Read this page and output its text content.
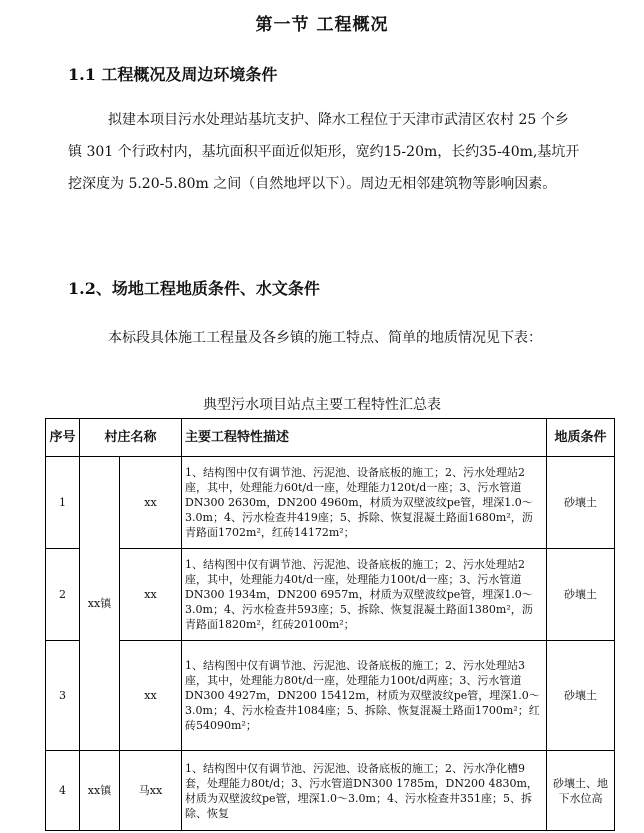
第一节 工程概况
1.1 工程概况及周边环境条件
拟建本项目污水处理站基坑支护、降水工程位于天津市武清区农村 25 个乡镇 301 个行政村内，基坑面积平面近似矩形，宽约15-20m，长约35-40m,基坑开挖深度为 5.20-5.80m 之间（自然地坪以下）。周边无相邻建筑物等影响因素。
1.2、场地工程地质条件、水文条件
本标段具体施工工程量及各乡镇的施工特点、简单的地质情况见下表：
典型污水项目站点主要工程特性汇总表
序号	村庄名称		主要工程特性描述	地质条件
1	xx镇	xx	1、结构图中仅有调节池、污泥池、设备底板的施工；2、污水处理站2座，其中，处理能力60t/d一座，处理能力120t/d一座；3、污水管道DN300 2630m，DN200 4960m，材质为双壁波纹pe管，埋深1.0～3.0m；4、污水检查井419座；5、拆除、恢复混凝土路面1680m²，沥青路面1702m²，红砖14172m²；	砂壤土
2		xx	1、结构图中仅有调节池、污泥池、设备底板的施工；2、污水处理站2座，其中，处理能力40t/d一座，处理能力100t/d一座；3、污水管道DN300 1934m，DN200 6957m，材质为双壁波纹pe管，埋深1.0～3.0m；4、污水检查井593座；5、拆除、恢复混凝土路面1380m²，沥青路面1820m²，红砖20100m²；	砂壤土
3		xx	1、结构图中仅有调节池、污泥池、设备底板的施工；2、污水处理站3座，其中，处理能力80t/d一座，处理能力100t/d两座；3、污水管道DN300 4927m，DN200 15412m，材质为双壁波纹pe管，埋深1.0～3.0m；4、污水检查井1084座；5、拆除、恢复混凝土路面1700m²；红砖54090m²；	砂壤土
4	xx镇	马xx	1、结构图中仅有调节池、污泥池、设备底板的施工；2、污水净化槽9套，处理能力80t/d；3、污水管道DN300 1785m，DN200 4830m，材质为双壁波纹pe管，埋深1.0～3.0m；4、污水检查井351座；5、拆除、恢复	砂壤土、地下水位高
